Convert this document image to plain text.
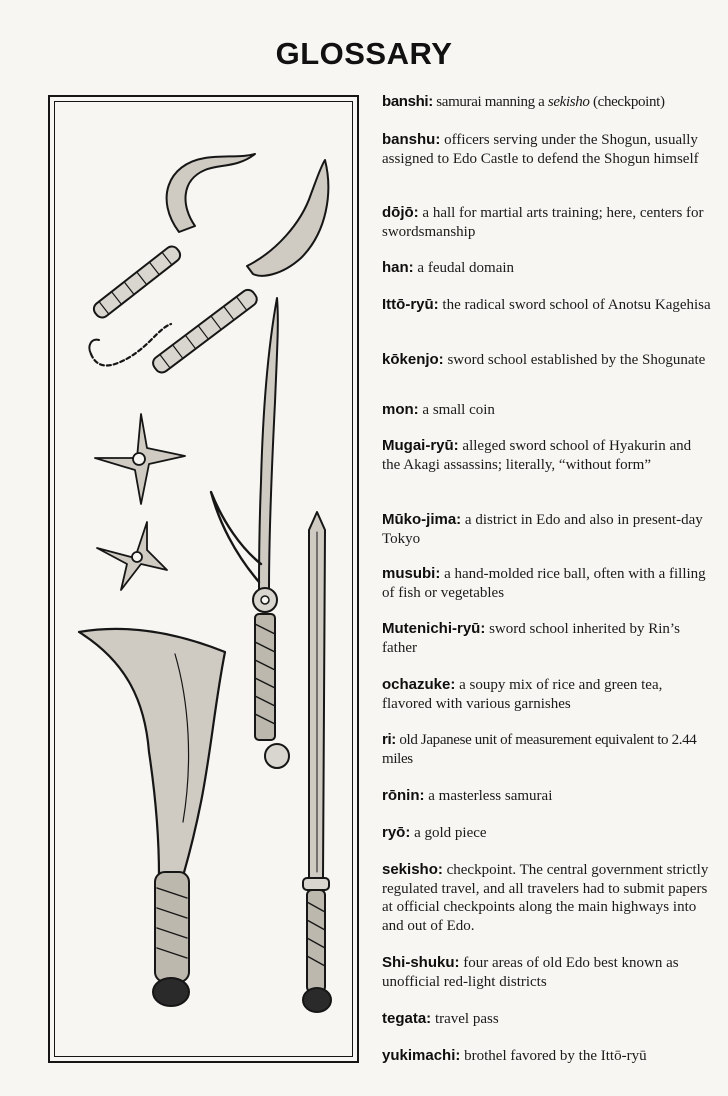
GLOSSARY
banshi: samurai manning a sekisho (checkpoint)
banshu: officers serving under the Shogun, usually assigned to Edo Castle to defend the Shogun himself
dōjō: a hall for martial arts training; here, centers for swordsmanship
han: a feudal domain
Ittō-ryū: the radical sword school of Anotsu Kagehisa
kōkenjo: sword school established by the Shogunate
mon: a small coin
Mugai-ryū: alleged sword school of Hyakurin and the Akagi assassins; literally, “without form”
Mūko-jima: a district in Edo and also in present-day Tokyo
musubi: a hand-molded rice ball, often with a filling of fish or vegetables
Mutenichi-ryū: sword school inherited by Rin’s father
ochazuke: a soupy mix of rice and green tea, flavored with various garnishes
ri: old Japanese unit of measurement equivalent to 2.44 miles
rōnin: a masterless samurai
ryō: a gold piece
sekisho: checkpoint. The central government strictly regulated travel, and all travelers had to submit papers at official checkpoints along the main highways into and out of Edo.
Shi-shuku: four areas of old Edo best known as unofficial red-light districts
tegata: travel pass
yukimachi: brothel favored by the Ittō-ryū
